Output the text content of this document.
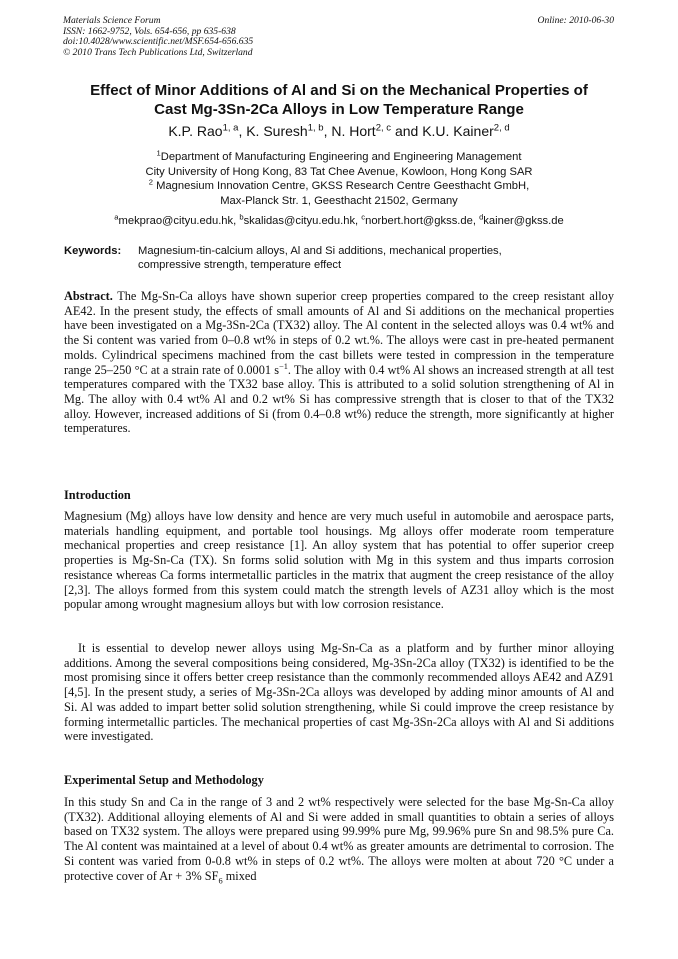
Materials Science Forum
ISSN: 1662-9752, Vols. 654-656, pp 635-638
doi:10.4028/www.scientific.net/MSF.654-656.635
© 2010 Trans Tech Publications Ltd, Switzerland
Online: 2010-06-30
Effect of Minor Additions of Al and Si on the Mechanical Properties of
Cast Mg-3Sn-2Ca Alloys in Low Temperature Range
K.P. Rao$^{1, a}$, K. Suresh$^{1, b}$, N. Hort$^{2, c}$ and K.U. Kainer$^{2, d}$
$^1$Department of Manufacturing Engineering and Engineering Management
City University of Hong Kong, 83 Tat Chee Avenue, Kowloon, Hong Kong SAR
$^2$ Magnesium Innovation Centre, GKSS Research Centre Geesthacht GmbH,
Max-Planck Str. 1, Geesthacht 21502, Germany
$^a$mekprao@cityu.edu.hk, $^b$skalidas@cityu.edu.hk, $^c$norbert.hort@gkss.de, $^d$kainer@gkss.de
Keywords: Magnesium-tin-calcium alloys, Al and Si additions, mechanical properties,
compressive strength, temperature effect
Abstract. The Mg-Sn-Ca alloys have shown superior creep properties compared to the creep resistant alloy AE42. In the present study, the effects of small amounts of Al and Si additions on the mechanical properties have been investigated on a Mg-3Sn-2Ca (TX32) alloy. The Al content in the selected alloys was 0.4 wt% and the Si content was varied from 0–0.8 wt% in steps of 0.2 wt.%. The alloys were cast in pre-heated permanent molds. Cylindrical specimens machined from the cast billets were tested in compression in the temperature range 25–250 °C at a strain rate of 0.0001 $s^{-1}$. The alloy with 0.4 wt% Al shows an increased strength at all test temperatures compared with the TX32 base alloy. This is attributed to a solid solution strengthening of Al in Mg. The alloy with 0.4 wt% Al and 0.2 wt% Si has compressive strength that is closer to that of the TX32 alloy. However, increased additions of Si (from 0.4–0.8 wt%) reduce the strength, more significantly at higher temperatures.
Introduction
Magnesium (Mg) alloys have low density and hence are very much useful in automobile and aerospace parts, materials handling equipment, and portable tool housings. Mg alloys offer moderate room temperature mechanical properties and creep resistance [1]. An alloy system that has potential to offer superior creep properties is Mg-Sn-Ca (TX). Sn forms solid solution with Mg in this system and thus imparts corrosion resistance whereas Ca forms intermetallic particles in the matrix that augment the creep resistance of the alloy [2,3]. The alloys formed from this system could match the strength levels of AZ31 alloy which is the most popular among wrought magnesium alloys but with low corrosion resistance.
It is essential to develop newer alloys using Mg-Sn-Ca as a platform and by further minor alloying additions. Among the several compositions being considered, Mg-3Sn-2Ca alloy (TX32) is identified to be the most promising since it offers better creep resistance than the commonly recommended alloys AE42 and AZ91 [4,5]. In the present study, a series of Mg-3Sn-2Ca alloys was developed by adding minor amounts of Al and Si. Al was added to impart better solid solution strengthening, while Si could improve the creep resistance by forming intermetallic particles. The mechanical properties of cast Mg-3Sn-2Ca alloys with Al and Si additions were investigated.
Experimental Setup and Methodology
In this study Sn and Ca in the range of 3 and 2 wt% respectively were selected for the base Mg-Sn-Ca alloy (TX32). Additional alloying elements of Al and Si were added in small quantities to obtain a series of alloys based on TX32 system. The alloys were prepared using 99.99% pure Mg, 99.96% pure Sn and 98.5% pure Ca. The Al content was maintained at a level of about 0.4 wt% as greater amounts are detrimental to corrosion. The Si content was varied from 0-0.8 wt% in steps of 0.2 wt%. The alloys were molten at about 720 °C under a protective cover of Ar + 3% $SF_6$ mixed
